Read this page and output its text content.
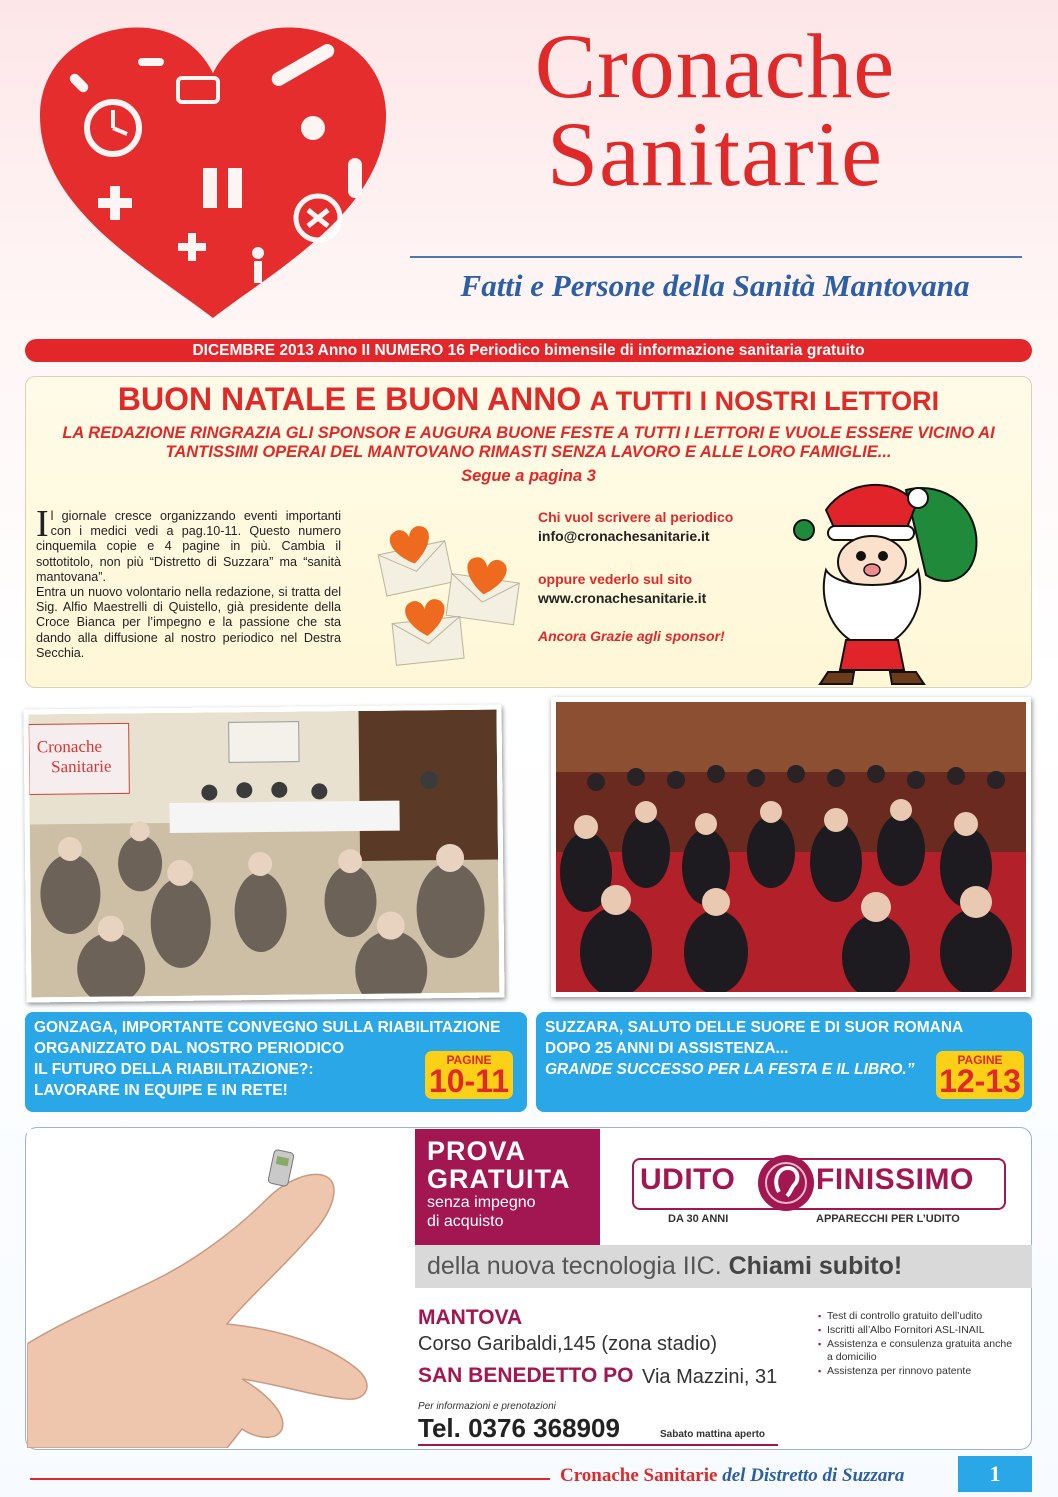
Cronache
Sanitarie
Fatti e Persone della Sanità Mantovana
DICEMBRE 2013 Anno II NUMERO 16 Periodico bimensile di informazione sanitaria gratuito
BUON NATALE E BUON ANNO A TUTTI I NOSTRI LETTORI
LA REDAZIONE RINGRAZIA GLI SPONSOR E AUGURA BUONE FESTE A TUTTI I LETTORI E VUOLE ESSERE VICINO AI TANTISSIMI OPERAI DEL MANTOVANO RIMASTI SENZA LAVORO E ALLE LORO FAMIGLIE...
Segue a pagina 3
Il giornale cresce organizzando eventi importanti con i medici vedi a pag.10-11. Questo numero cinquemila copie e 4 pagine in più. Cambia il sottotitolo, non più “Distretto di Suzzara” ma “sanità mantovana”.
Entra un nuovo volontario nella redazione, si tratta del Sig. Alfio Maestrelli di Quistello, già presidente della Croce Bianca per l’impegno e la passione che sta dando alla diffusione al nostro periodico nel Destra Secchia.
Chi vuol scrivere al periodico
info@cronachesanitarie.it
oppure vederlo sul sito
www.cronachesanitarie.it
Ancora Grazie agli sponsor!
Cronache
Sanitarie
GONZAGA, IMPORTANTE CONVEGNO SULLA RIABILITAZIONE
ORGANIZZATO DAL NOSTRO PERIODICO
IL FUTURO DELLA RIABILITAZIONE?:
LAVORARE IN EQUIPE E IN RETE!
PAGINE
10-11
SUZZARA, SALUTO DELLE SUORE E DI SUOR ROMANA
DOPO 25 ANNI DI ASSISTENZA...
GRANDE SUCCESSO PER LA FESTA E IL LIBRO.”
PAGINE
12-13
PROVA
GRATUITA
senza impegno
di acquisto
UDITO	FINISSIMO
DA 30 ANNI	APPARECCHI PER L’UDITO
della nuova tecnologia IIC. Chiami subito!
MANTOVA
Corso Garibaldi,145 (zona stadio)
SAN BENEDETTO PO Via Mazzini, 31
▪ Test di controllo gratuito dell’udito
▪ Iscritti all’Albo Fornitori ASL-INAIL
▪ Assistenza e consulenza gratuita anche a domicilio
▪ Assistenza per rinnovo patente
Per informazioni e prenotazioni
Tel. 0376 368909	Sabato mattina aperto
Cronache Sanitarie del Distretto di Suzzara	1
